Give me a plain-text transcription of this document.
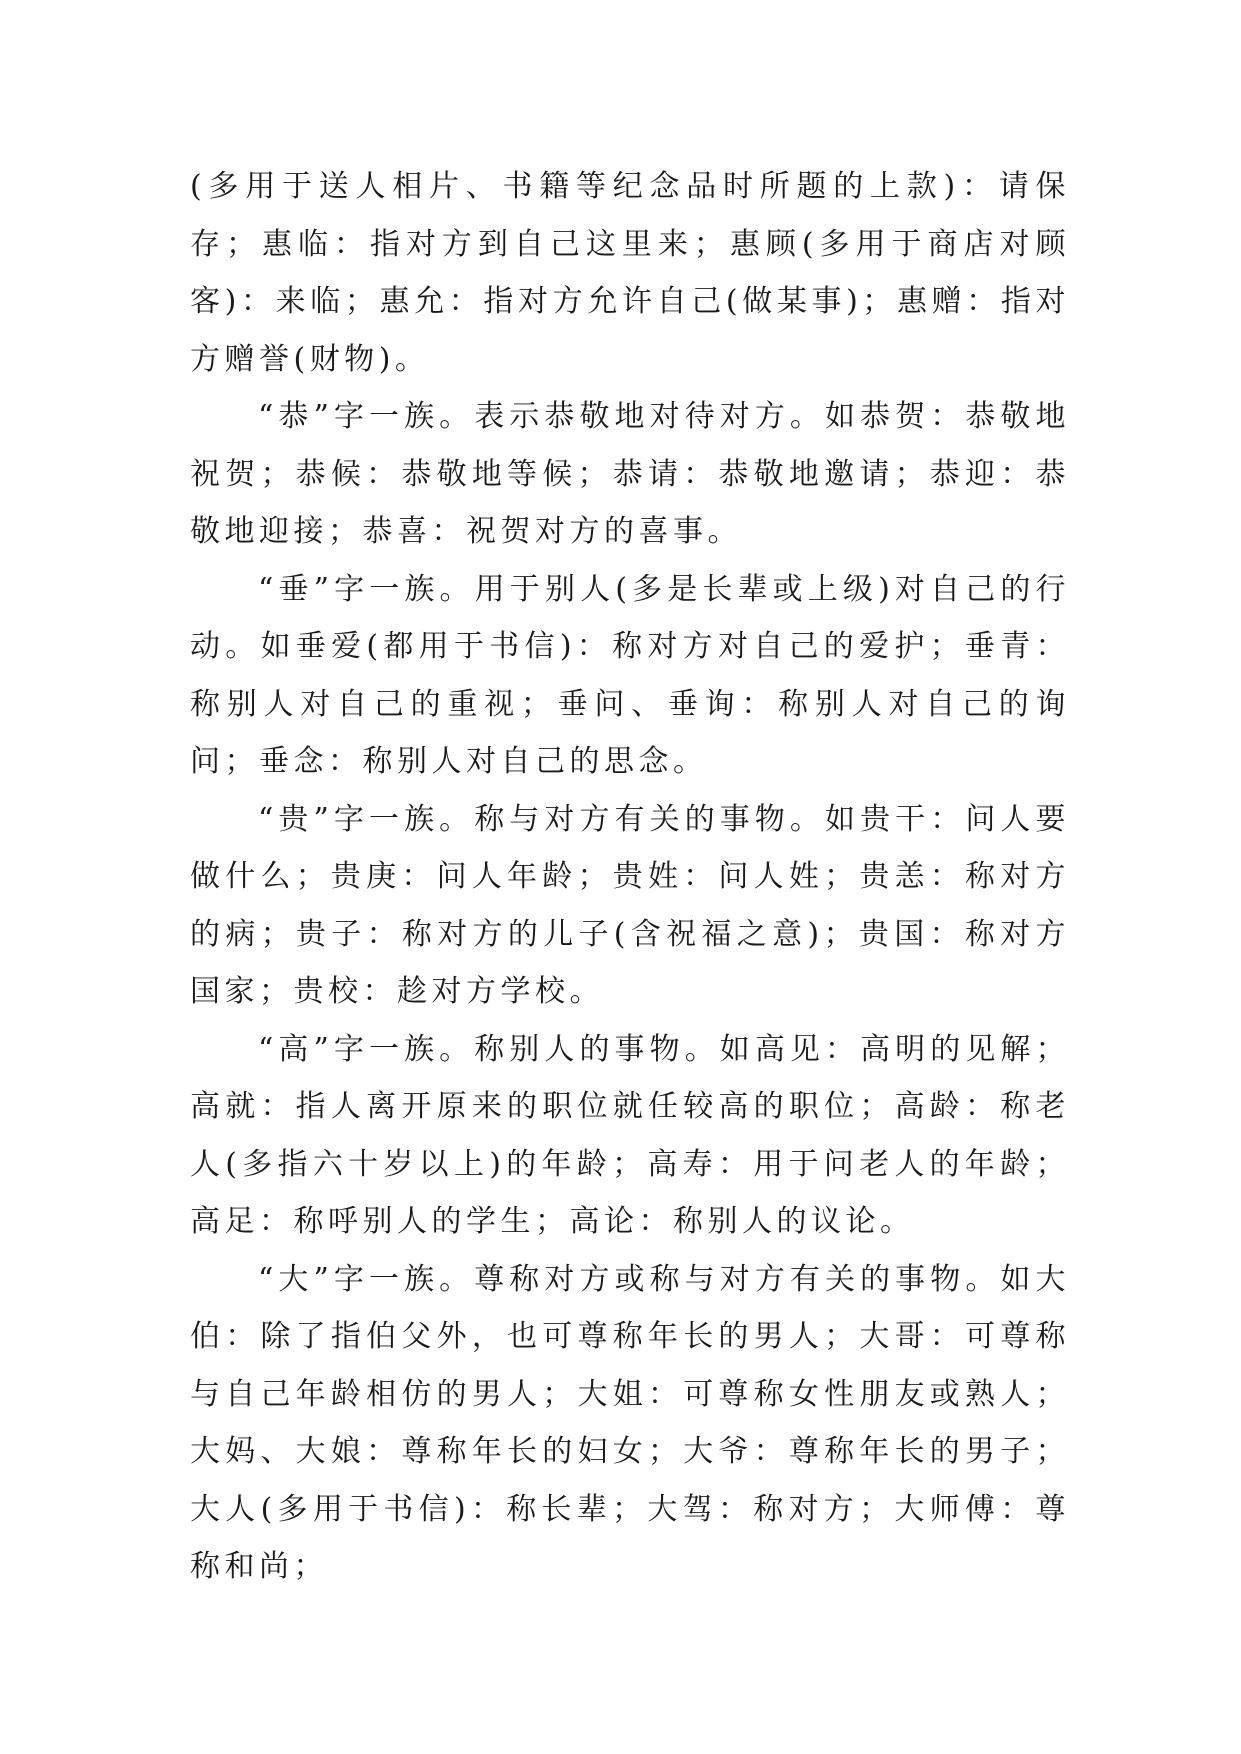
(多用于送人相片、书籍等纪念品时所题的上款)：请保存；惠临：指对方到自己这里来；惠顾(多用于商店对顾客)：来临；惠允：指对方允许自己(做某事)；惠赠：指对方赠誉(财物)。

“恭”字一族。表示恭敬地对待对方。如恭贺：恭敬地祝贺；恭候：恭敬地等候；恭请：恭敬地邀请；恭迎：恭敬地迎接；恭喜：祝贺对方的喜事。

“垂”字一族。用于别人(多是长辈或上级)对自己的行动。如垂爱(都用于书信)：称对方对自己的爱护；垂青：称别人对自己的重视；垂问、垂询：称别人对自己的询问；垂念：称别人对自己的思念。

“贵”字一族。称与对方有关的事物。如贵干：问人要做什么；贵庚：问人年龄；贵姓：问人姓；贵恙：称对方的病；贵子：称对方的儿子(含祝福之意)；贵国：称对方国家；贵校：趁对方学校。

“高”字一族。称别人的事物。如高见：高明的见解；高就：指人离开原来的职位就任较高的职位；高龄：称老人(多指六十岁以上)的年龄；高寿：用于问老人的年龄；高足：称呼别人的学生；高论：称别人的议论。

“大”字一族。尊称对方或称与对方有关的事物。如大伯：除了指伯父外，也可尊称年长的男人；大哥：可尊称与自己年龄相仿的男人；大姐：可尊称女性朋友或熟人；大妈、大娘：尊称年长的妇女；大爷：尊称年长的男子；大人(多用于书信)：称长辈；大驾：称对方；大师傅：尊称和尚；
